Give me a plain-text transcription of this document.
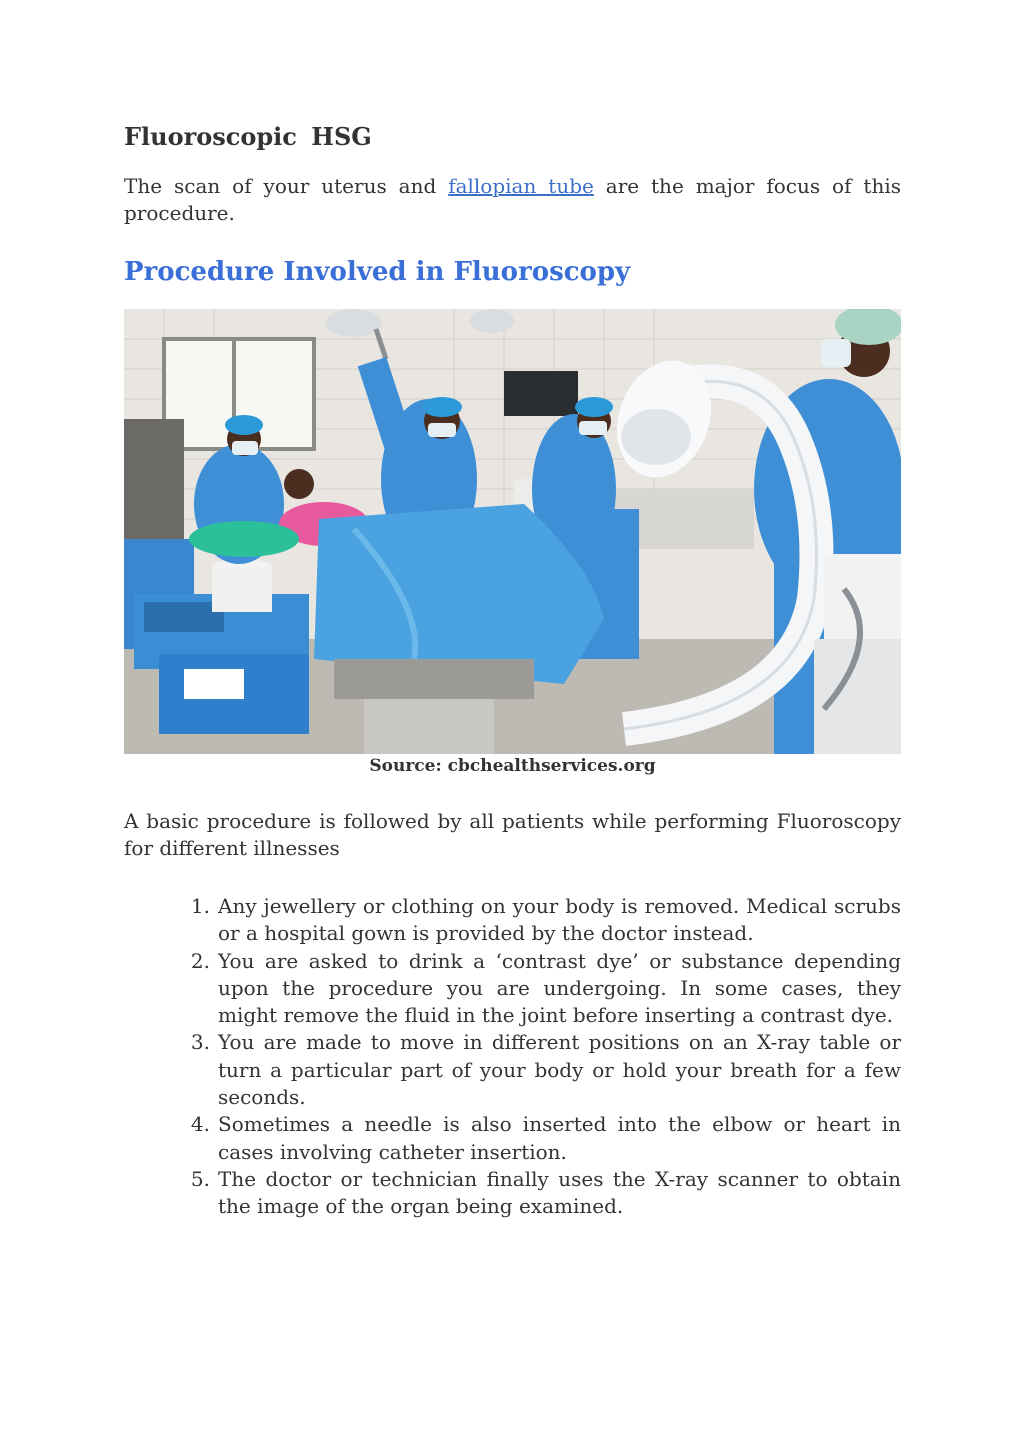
Fluoroscopic HSG

The scan of your uterus and fallopian tube are the major focus of this procedure.

Procedure Involved in Fluoroscopy
Source: cbchealthservices.org

A basic procedure is followed by all patients while performing Fluoroscopy for different illnesses

1. Any jewellery or clothing on your body is removed. Medical scrubs or a hospital gown is provided by the doctor instead.
2. You are asked to drink a ‘contrast dye’ or substance depending upon the procedure you are undergoing. In some cases, they might remove the fluid in the joint before inserting a contrast dye.
3. You are made to move in different positions on an X-ray table or turn a particular part of your body or hold your breath for a few seconds.
4. Sometimes a needle is also inserted into the elbow or heart in cases involving catheter insertion.
5. The doctor or technician finally uses the X-ray scanner to obtain the image of the organ being examined.
